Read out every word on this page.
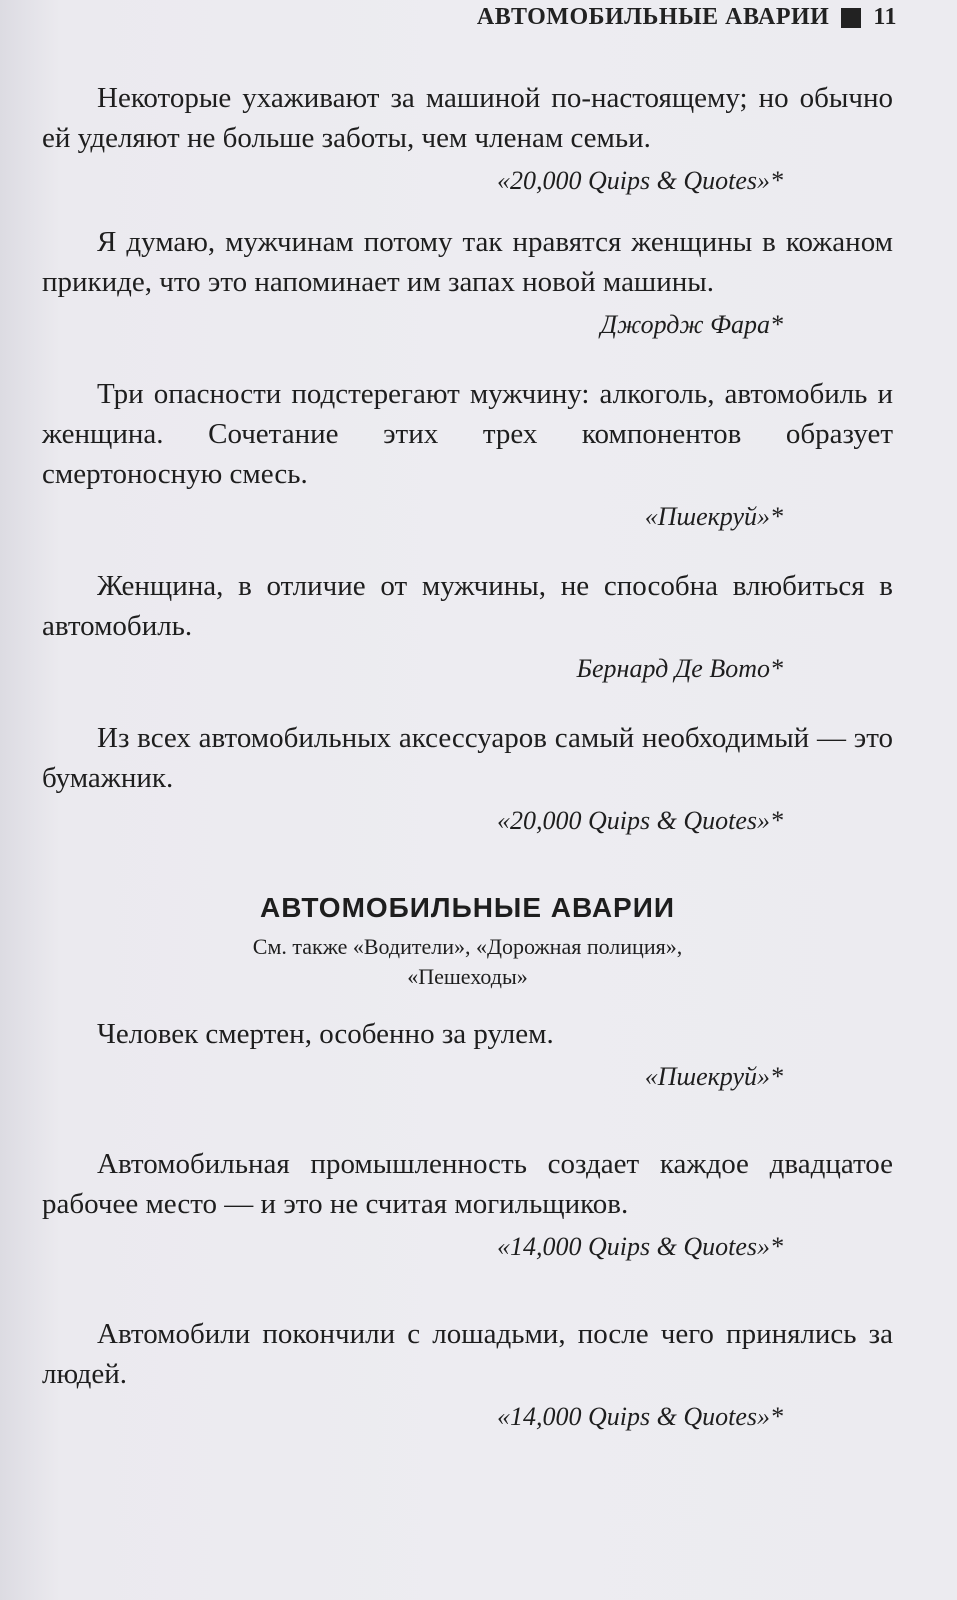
АВТОМОБИЛЬНЫЕ АВАРИИ 11

Некоторые ухаживают за машиной по-настоящему; но обычно ей уделяют не больше заботы, чем членам семьи.

«20,000 Quips & Quotes»*

Я думаю, мужчинам потому так нравятся женщины в кожаном прикиде, что это напоминает им запах новой машины.

Джордж Фара*

Три опасности подстерегают мужчину: алкоголь, автомобиль и женщина. Сочетание этих трех компонентов образует смертоносную смесь.

«Пшекруй»*

Женщина, в отличие от мужчины, не способна влюбиться в автомобиль.

Бернард Де Вото*

Из всех автомобильных аксессуаров самый необходимый — это бумажник.

«20,000 Quips & Quotes»*

АВТОМОБИЛЬНЫЕ АВАРИИ

См. также «Водители», «Дорожная полиция»,

«Пешеходы»

Человек смертен, особенно за рулем.

«Пшекруй»*

Автомобильная промышленность создает каждое двадцатое рабочее место — и это не считая могильщиков.

«14,000 Quips & Quotes»*

Автомобили покончили с лошадьми, после чего принялись за людей.

«14,000 Quips & Quotes»*
